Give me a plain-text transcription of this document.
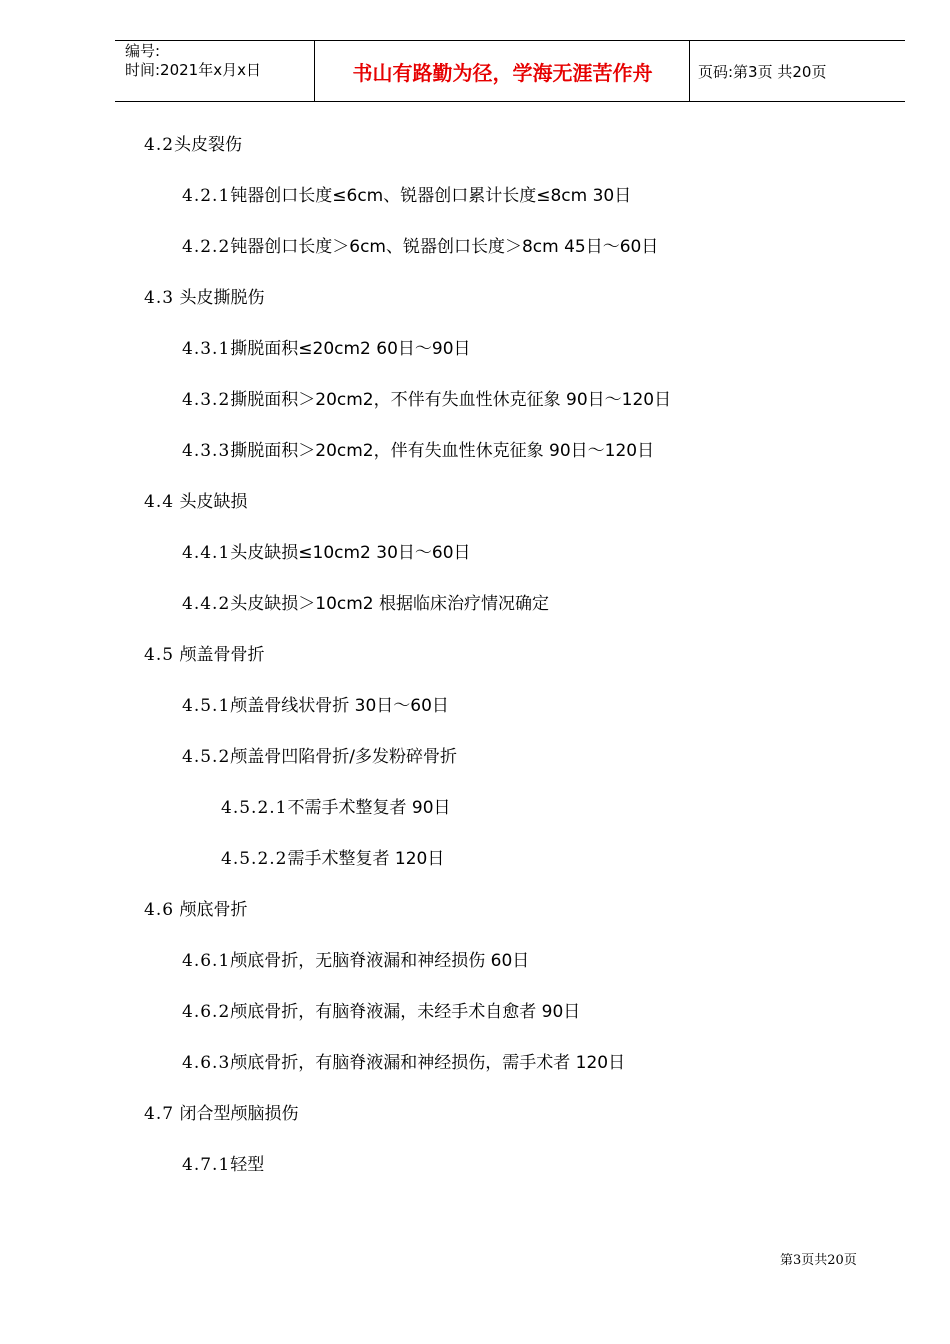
编号:
时间:2021年x月x日	书山有路勤为径，学海无涯苦作舟	页码:第3页 共20页
4.2头皮裂伤
4.2.1钝器创口长度≤6cm、锐器创口累计长度≤8cm 30日
4.2.2钝器创口长度＞6cm、锐器创口长度＞8cm 45日～60日
4.3 头皮撕脱伤
4.3.1撕脱面积≤20cm2 60日～90日
4.3.2撕脱面积＞20cm2，不伴有失血性休克征象 90日～120日
4.3.3撕脱面积＞20cm2，伴有失血性休克征象 90日～120日
4.4 头皮缺损
4.4.1头皮缺损≤10cm2 30日～60日
4.4.2头皮缺损＞10cm2 根据临床治疗情况确定
4.5 颅盖骨骨折
4.5.1颅盖骨线状骨折 30日～60日
4.5.2颅盖骨凹陷骨折/多发粉碎骨折
4.5.2.1不需手术整复者 90日
4.5.2.2需手术整复者 120日
4.6 颅底骨折
4.6.1颅底骨折，无脑脊液漏和神经损伤 60日
4.6.2颅底骨折，有脑脊液漏，未经手术自愈者 90日
4.6.3颅底骨折，有脑脊液漏和神经损伤，需手术者 120日
4.7 闭合型颅脑损伤
4.7.1轻型
第3页共20页
